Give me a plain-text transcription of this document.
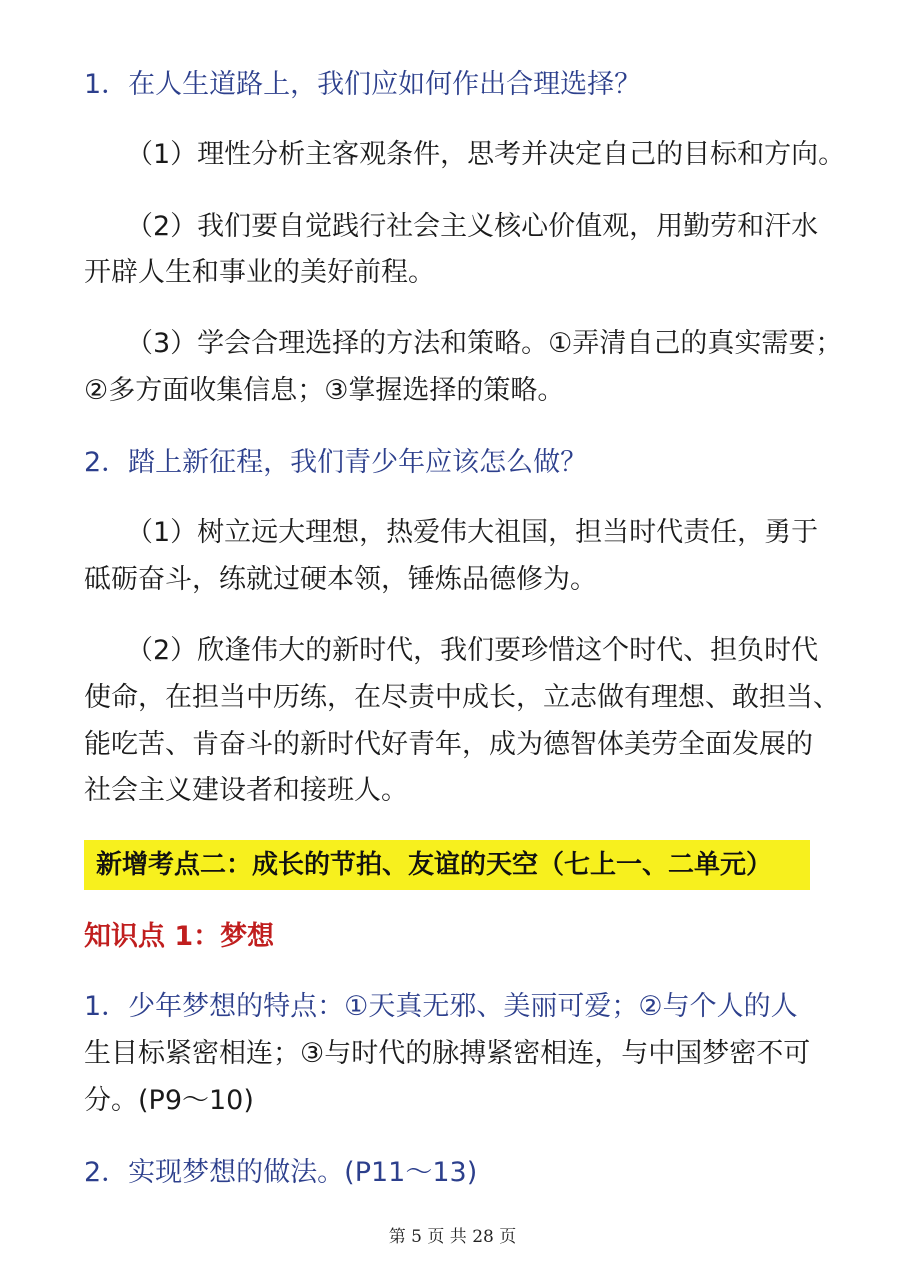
1．在人生道路上，我们应如何作出合理选择？
（1）理性分析主客观条件，思考并决定自己的目标和方向。
（2）我们要自觉践行社会主义核心价值观，用勤劳和汗水
开辟人生和事业的美好前程。
（3）学会合理选择的方法和策略。①弄清自己的真实需要；
②多方面收集信息；③掌握选择的策略。
2．踏上新征程，我们青少年应该怎么做？
（1）树立远大理想，热爱伟大祖国，担当时代责任，勇于
砥砺奋斗，练就过硬本领，锤炼品德修为。
（2）欣逢伟大的新时代，我们要珍惜这个时代、担负时代
使命，在担当中历练，在尽责中成长，立志做有理想、敢担当、
能吃苦、肯奋斗的新时代好青年，成为德智体美劳全面发展的
社会主义建设者和接班人。
新增考点二：成长的节拍、友谊的天空（七上一、二单元）
知识点 1：梦想
1．少年梦想的特点：①天真无邪、美丽可爱；②与个人的人
生目标紧密相连；③与时代的脉搏紧密相连，与中国梦密不可
分。(P9～10)
2．实现梦想的做法。(P11～13)
第 5 页 共 28 页
